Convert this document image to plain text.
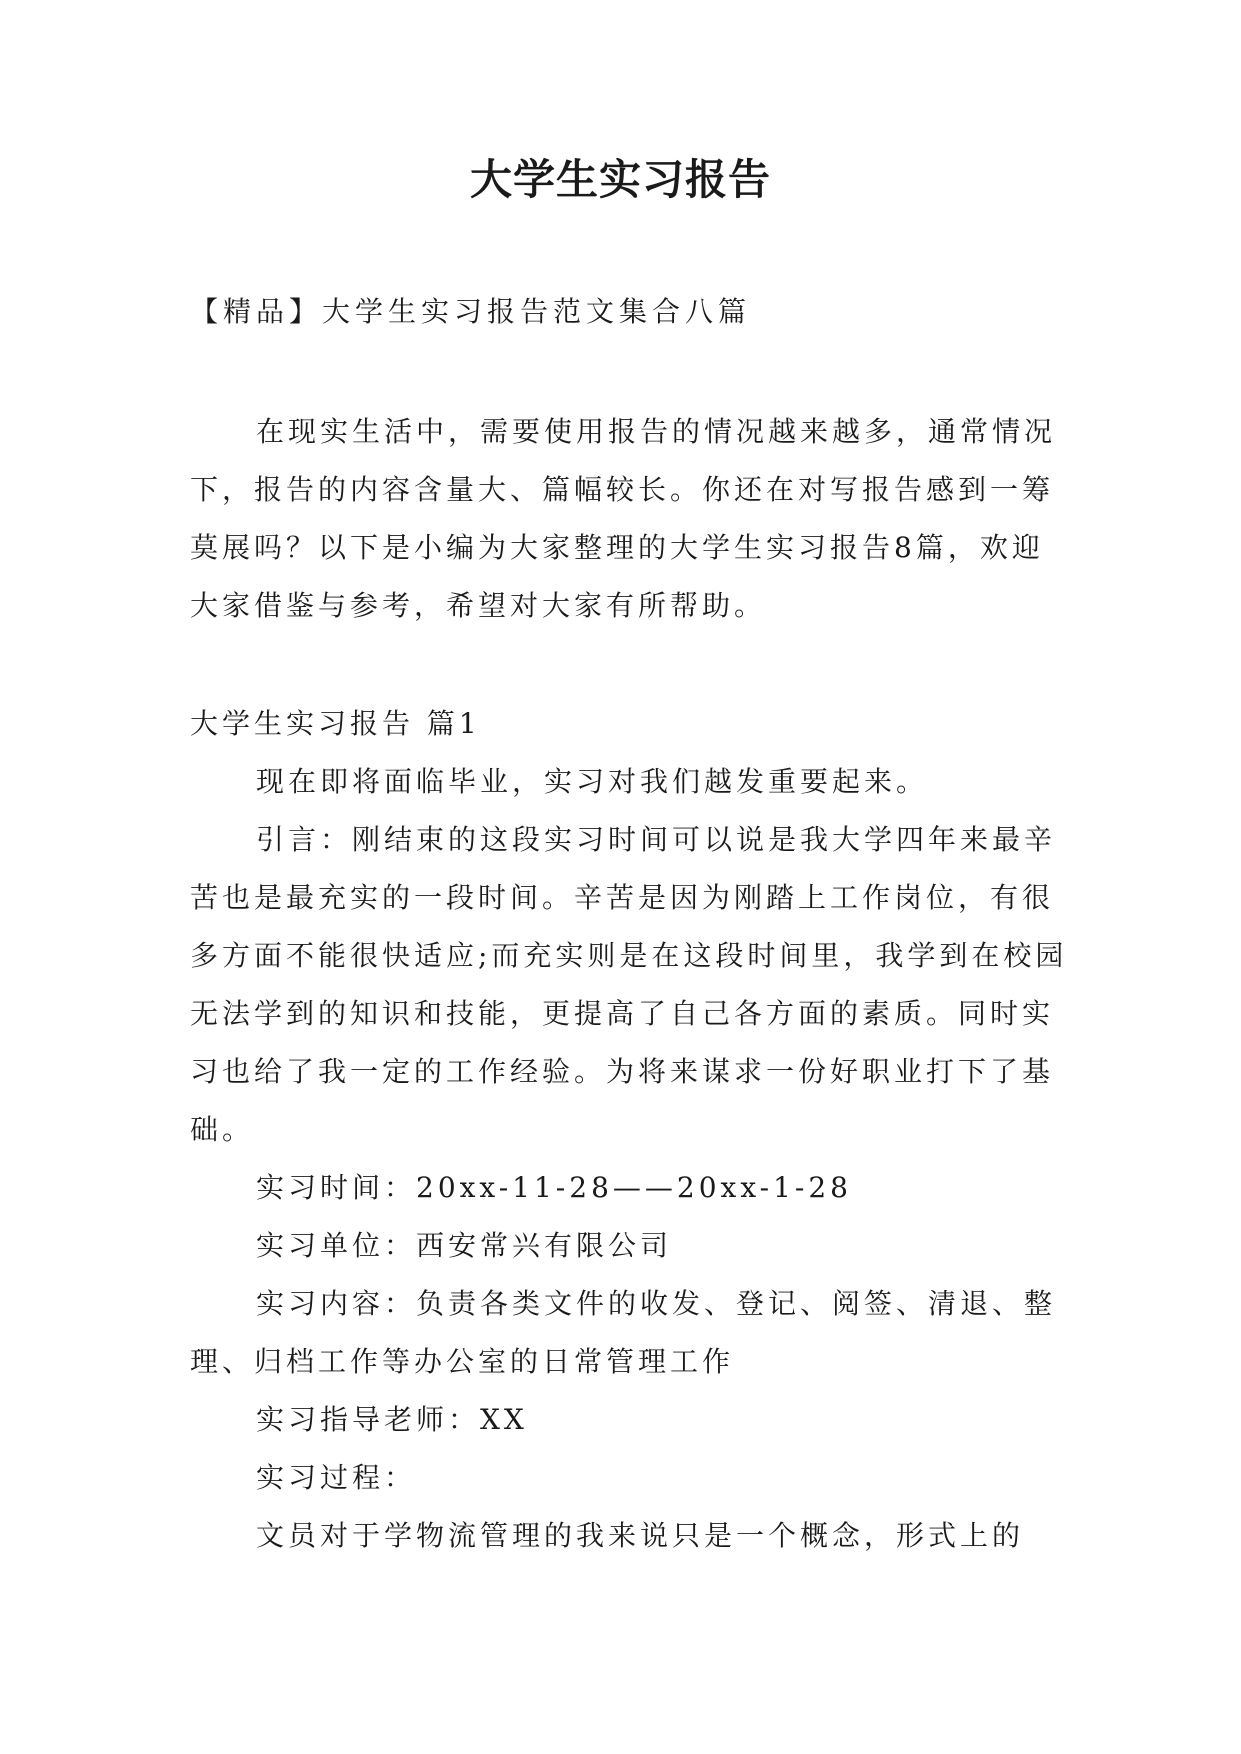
大学生实习报告
【精品】大学生实习报告范文集合八篇

在现实生活中，需要使用报告的情况越来越多，通常情况下，报告的内容含量大、篇幅较长。你还在对写报告感到一筹莫展吗？以下是小编为大家整理的大学生实习报告8篇，欢迎大家借鉴与参考，希望对大家有所帮助。

大学生实习报告 篇1

现在即将面临毕业，实习对我们越发重要起来。

引言：刚结束的这段实习时间可以说是我大学四年来最辛苦也是最充实的一段时间。辛苦是因为刚踏上工作岗位，有很多方面不能很快适应;而充实则是在这段时间里，我学到在校园无法学到的知识和技能，更提高了自己各方面的素质。同时实习也给了我一定的工作经验。为将来谋求一份好职业打下了基础。

实习时间：20xx-11-28——20xx-1-28

实习单位：西安常兴有限公司

实习内容：负责各类文件的收发、登记、阅签、清退、整理、归档工作等办公室的日常管理工作

实习指导老师：XX

实习过程：

文员对于学物流管理的我来说只是一个概念，形式上的
